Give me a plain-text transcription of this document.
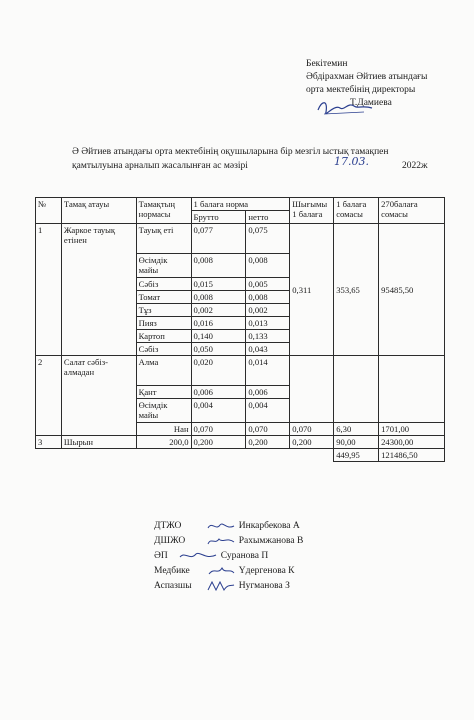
Бекітемин
Әбдірахман Әйтиев атындағы
орта мектебінің директоры
Т.Дамиева
Ә Әйтиев атындағы орта мектебінің оқушыларына бір мезгіл ыстық тамақпен
қамтылуына арналып жасалынған ас мәзірі	2022ж
17.03.
№	Тамақ атауы	Тамақтың нормасы	1 балаға норма		Шығымы 1 балаға	1 балаға сомасы	270балаға сомасы
			Брутто	нетто			
1	Жаркое тауық етінен	Тауық еті	0,077	0,075	0,311	353,65	95485,50
		Өсімдік майы	0,008	0,008			
		Сәбіз	0,015	0,005			
		Томат	0,008	0,008			
		Тұз	0,002	0,002			
		Пияз	0,016	0,013			
		Картоп	0,140	0,133			
		Сәбіз	0,050	0,043			
2	Салат сәбіз-алмадан	Алма	0,020	0,014			
		Қант	0,006	0,006			
		Өсімдік майы	0,004	0,004			
		Нан	0,070	0,070	0,070	6,30	1701,00
3	Шырын	200,0	0,200	0,200	0,200	90,00	24300,00
						449,95	121486,50
ДТЖО	Инкарбекова А
ДШЖО	Рахымжанова В
ӘП	Суранова П
Медбике	Үдергенова К
Аспазшы	Нугманова З
